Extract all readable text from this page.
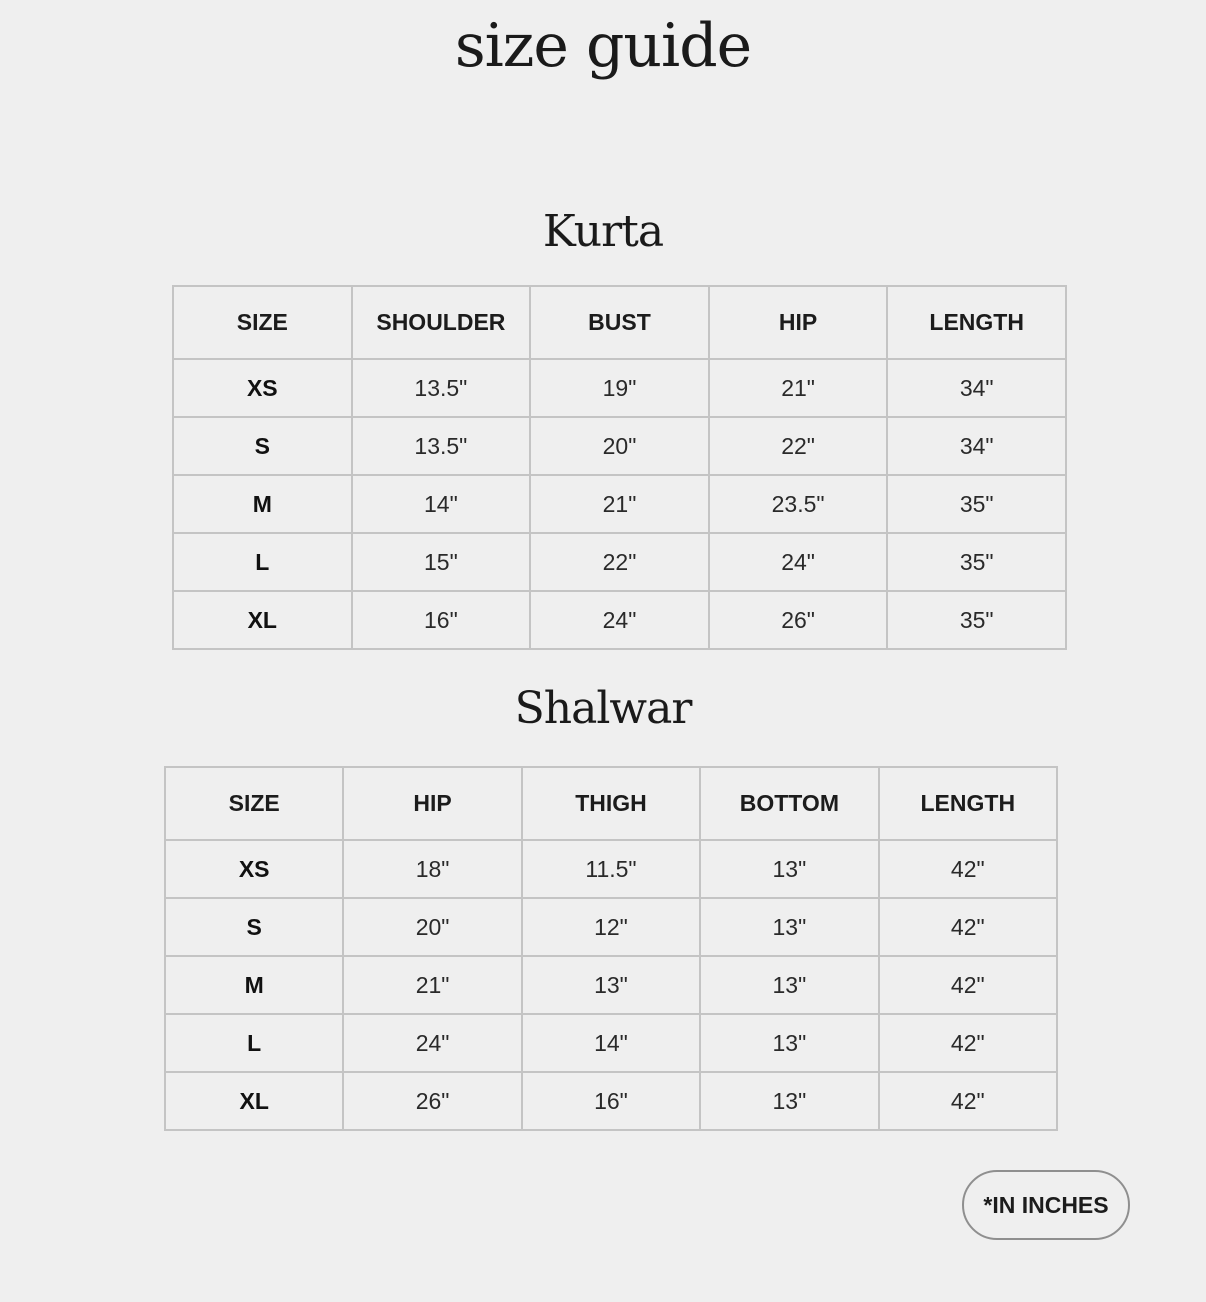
size guide
Kurta
SIZE	SHOULDER	BUST	HIP	LENGTH
XS	13.5"	19"	21"	34"
S	13.5"	20"	22"	34"
M	14"	21"	23.5"	35"
L	15"	22"	24"	35"
XL	16"	24"	26"	35"
Shalwar
SIZE	HIP	THIGH	BOTTOM	LENGTH
XS	18"	11.5"	13"	42"
S	20"	12"	13"	42"
M	21"	13"	13"	42"
L	24"	14"	13"	42"
XL	26"	16"	13"	42"
*IN INCHES
